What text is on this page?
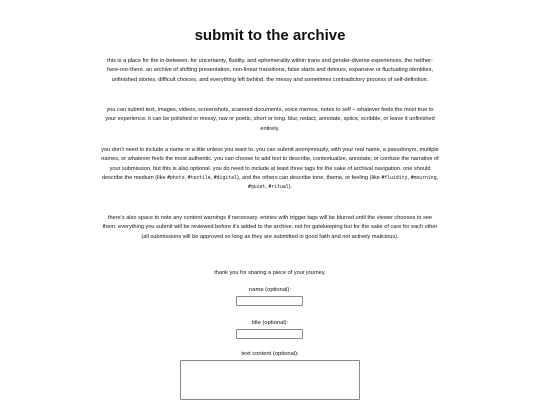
submit to the archive

this is a place for the in-between. for uncertainty, fluidity, and ephemerality within trans and gender-diverse experiences. the neither-here-nor-there. an archive of shifting presentation, non-linear transitions, false starts and detours, expansive or fluctuating identities, unfinished stories, difficult choices, and everything left behind. the messy and sometimes contradictory process of self-definition.

you can submit text, images, videos, screenshots, scanned documents, voice memos, notes to self – whatever feels the most true to your experience. it can be polished or messy, raw or poetic, short or long. blur, redact, annotate, splice, scribble, or leave it unfinished entirely.

you don’t need to include a name or a title unless you want to. you can submit anonymously, with your real name, a pseudonym, multiple names, or whatever feels the most authentic. you can choose to add text to describe, contextualize, annotate, or confuse the narrative of your submission, but this is also optional. you do need to include at least three tags for the sake of archival navigation. one should describe the medium (like #photo, #textile, #digital), and the others can describe tone, theme, or feeling (like #fluidity, #mourning, #quiet, #ritual).

there’s also space to note any content warnings if necessary. entries with trigger tags will be blurred until the viewer chooses to see them. everything you submit will be reviewed before it’s added to the archive, not for gatekeeping but for the sake of care for each other (all submissions will be approved so long as they are submitted in good faith and not actively malicious).

thank you for sharing a piece of your journey.
name (optional):
title (optional):
text content (optional):
